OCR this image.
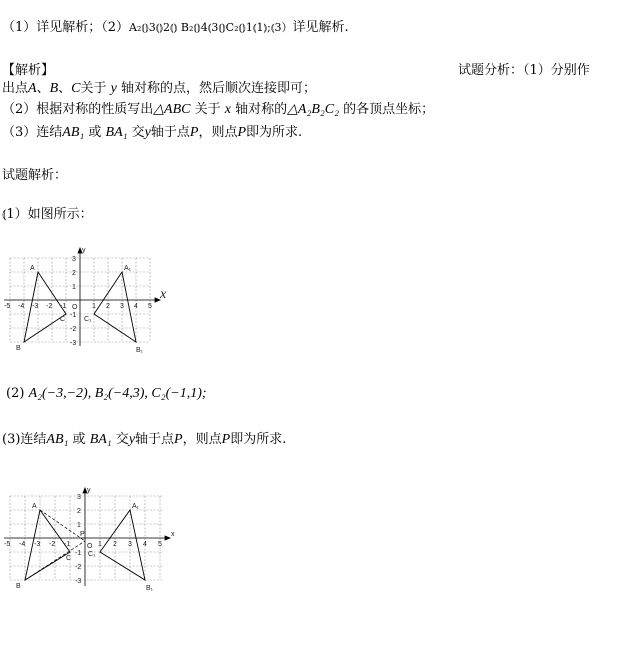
（1）详见解析；（2）A₂⦅⦆3⦅⦆2⦅⦆ B₂⦅⦆4⦅3⦅⦆C₂⦅⦆1⦅1⦆;⦅3）详见解析.
【解析】	试题分析：（1）分别作
出点A、B、C关于 y 轴对称的点，然后顺次连接即可；
（2）根据对称的性质写出△ABC 关于 x 轴对称的△A₂B₂C₂ 的各顶点坐标；
（3）连结AB₁ 或 BA₁ 交y轴于点P，则点P即为所求.
试题解析：
⦅1）如图所示：
x
y
O
-5 -4 -3 -2 -1	1 2 3 4 5
3
2
1
-1
-2
-3
A
B
C
A₁
B₁
C₁
(2) A₂(−3,−2), B₂(−4,3), C₂(−1,1);
(3)连结AB₁ 或 BA₁ 交y轴于点P，则点P即为所求.
x
y
O
-5 -4 -3 -2 -1	1 2 3 4 5
3
2
1
-1
-2
-3
A
B
C
A₁
B₁
C₁
P
